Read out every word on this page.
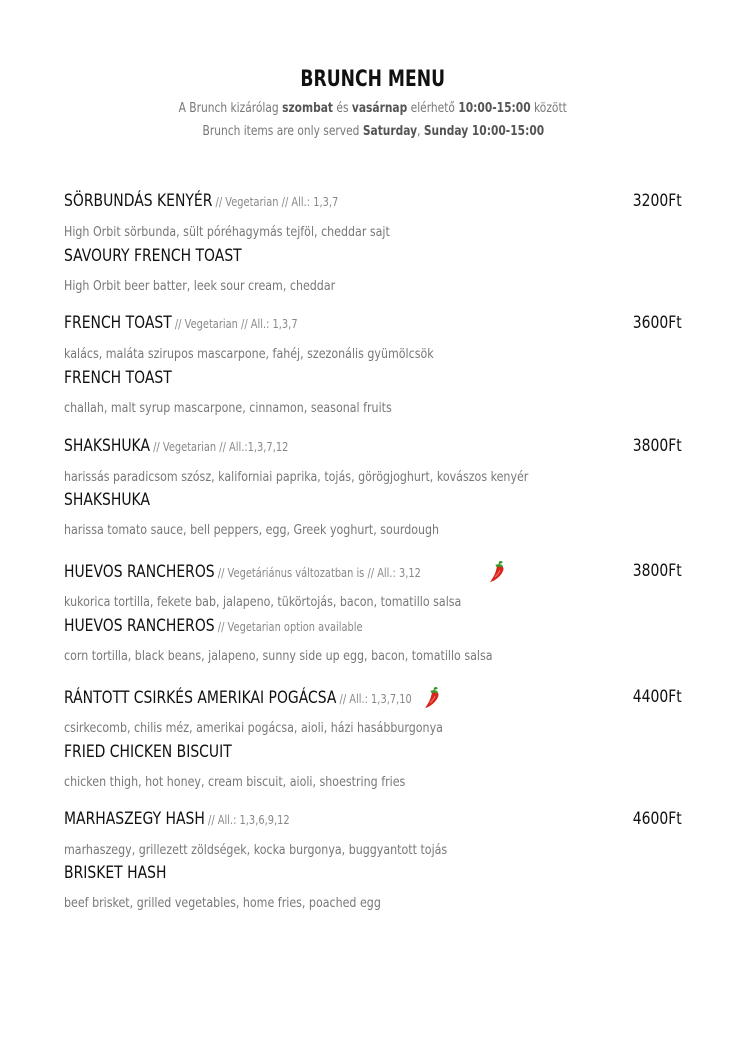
BRUNCH MENU
A Brunch kizárólag szombat és vasárnap elérhető 10:00-15:00 között
Brunch items are only served Saturday, Sunday 10:00-15:00
SÖRBUNDÁS KENYÉR // Vegetarian // All.: 1,3,7	3200Ft
High Orbit sörbunda, sült póréhagymás tejföl, cheddar sajt
SAVOURY FRENCH TOAST
High Orbit beer batter, leek sour cream, cheddar
FRENCH TOAST // Vegetarian // All.: 1,3,7	3600Ft
kalács, maláta szirupos mascarpone, fahéj, szezonális gyümölcsök
FRENCH TOAST
challah, malt syrup mascarpone, cinnamon, seasonal fruits
SHAKSHUKA // Vegetarian // All.:1,3,7,12	3800Ft
harissás paradicsom szósz, kaliforniai paprika, tojás, görögjoghurt, kovászos kenyér
SHAKSHUKA
harissa tomato sauce, bell peppers, egg, Greek yoghurt, sourdough
HUEVOS RANCHEROS // Vegetáriánus változatban is // All.: 3,12	3800Ft
kukorica tortilla, fekete bab, jalapeno, tükörtojás, bacon, tomatillo salsa
HUEVOS RANCHEROS // Vegetarian option available
corn tortilla, black beans, jalapeno, sunny side up egg, bacon, tomatillo salsa
RÁNTOTT CSIRKÉS AMERIKAI POGÁCSA // All.: 1,3,7,10	4400Ft
csirkecomb, chilis méz, amerikai pogácsa, aioli, házi hasábburgonya
FRIED CHICKEN BISCUIT
chicken thigh, hot honey, cream biscuit, aioli, shoestring fries
MARHASZEGY HASH // All.: 1,3,6,9,12	4600Ft
marhaszegy, grillezett zöldségek, kocka burgonya, buggyantott tojás
BRISKET HASH
beef brisket, grilled vegetables, home fries, poached egg
